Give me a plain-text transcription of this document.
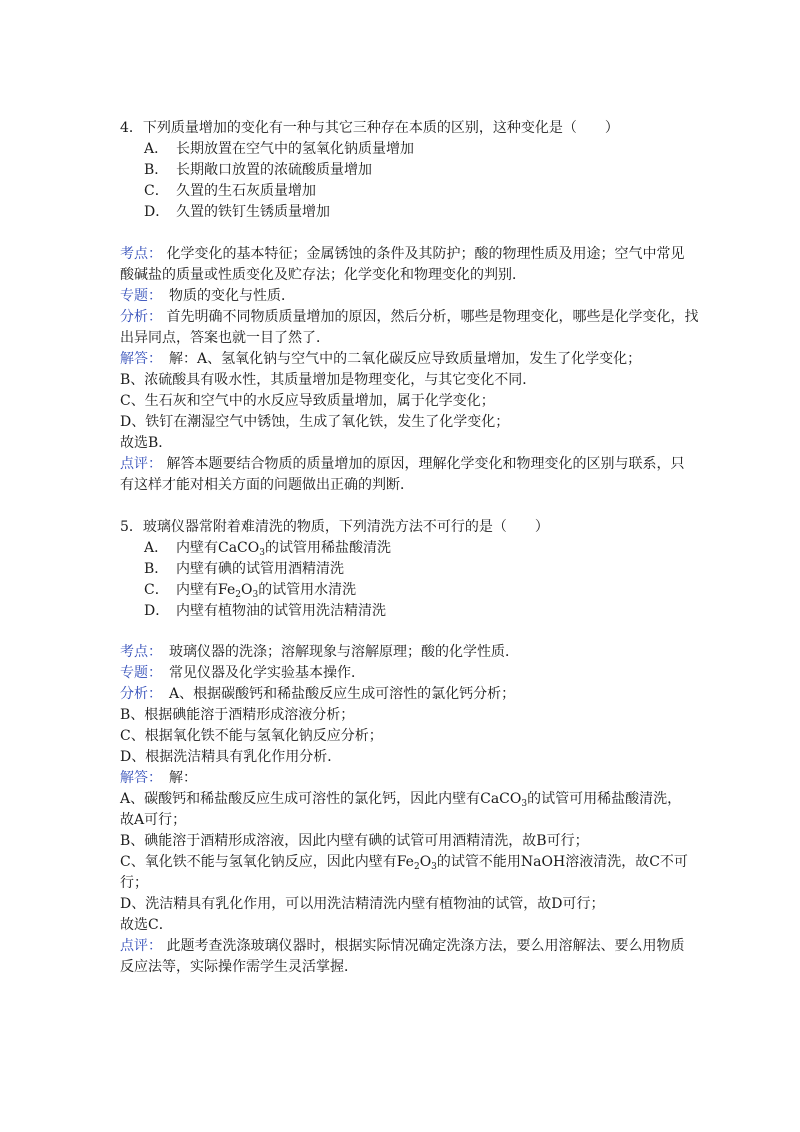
4．下列质量增加的变化有一种与其它三种存在本质的区别，这种变化是（　　）
A． 长期放置在空气中的氢氧化钠质量增加
B． 长期敞口放置的浓硫酸质量增加
C． 久置的生石灰质量增加
D． 久置的铁钉生锈质量增加
考点： 化学变化的基本特征；金属锈蚀的条件及其防护；酸的物理性质及用途；空气中常见
酸碱盐的质量或性质变化及贮存法；化学变化和物理变化的判别．
专题：　 物质的变化与性质．
分析： 首先明确不同物质质量增加的原因，然后分析，哪些是物理变化，哪些是化学变化，找
出异同点，答案也就一目了然了．
解答：　 解：A、氢氧化钠与空气中的二氧化碳反应导致质量增加，发生了化学变化；
B、浓硫酸具有吸水性，其质量增加是物理变化，与其它变化不同．
C、生石灰和空气中的水反应导致质量增加，属于化学变化；
D、铁钉在潮湿空气中锈蚀，生成了氧化铁，发生了化学变化；
故选B．
点评： 解答本题要结合物质的质量增加的原因，理解化学变化和物理变化的区别与联系，只
有这样才能对相关方面的问题做出正确的判断．
5．玻璃仪器常附着难清洗的物质，下列清洗方法不可行的是（　　）
A． 内壁有CaCO$_3$的试管用稀盐酸清洗
B． 内壁有碘的试管用酒精清洗
C． 内壁有$Fe_2O_3$的试管用水清洗
D． 内壁有植物油的试管用洗洁精清洗
考点：　 玻璃仪器的洗涤；溶解现象与溶解原理；酸的化学性质．
专题：　 常见仪器及化学实验基本操作．
分析：　 A、根据碳酸钙和稀盐酸反应生成可溶性的氯化钙分析；
B、根据碘能溶于酒精形成溶液分析；
C、根据氧化铁不能与氢氧化钠反应分析；
D、根据洗洁精具有乳化作用分析．
解答：　 解：
A、碳酸钙和稀盐酸反应生成可溶性的氯化钙，因此内壁有CaCO$_3$的试管可用稀盐酸清洗，
故A可行；
B、碘能溶于酒精形成溶液，因此内壁有碘的试管可用酒精清洗，故B可行；
C、氧化铁不能与氢氧化钠反应，因此内壁有$Fe_2O_3$的试管不能用NaOH溶液清洗，故C不可
行；
D、洗洁精具有乳化作用，可以用洗洁精清洗内壁有植物油的试管，故D可行；
故选C．
点评： 此题考查洗涤玻璃仪器时，根据实际情况确定洗涤方法，要么用溶解法、要么用物质
反应法等，实际操作需学生灵活掌握．
